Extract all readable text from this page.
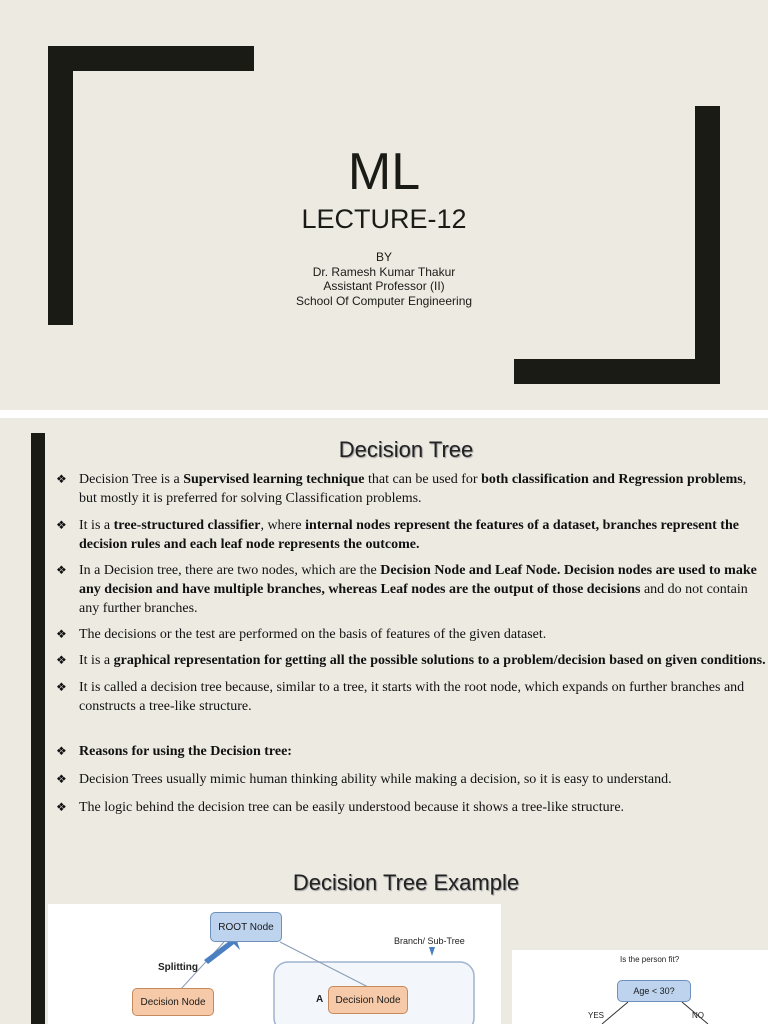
ML
LECTURE-12
BY
Dr. Ramesh Kumar Thakur
Assistant Professor (II)
School Of Computer Engineering
Decision Tree
❖ Decision Tree is a Supervised learning technique that can be used for both classification and Regression problems, but mostly it is preferred for solving Classification problems.
❖ It is a tree-structured classifier, where internal nodes represent the features of a dataset, branches represent the decision rules and each leaf node represents the outcome.
❖ In a Decision tree, there are two nodes, which are the Decision Node and Leaf Node. Decision nodes are used to make any decision and have multiple branches, whereas Leaf nodes are the output of those decisions and do not contain any further branches.
❖ The decisions or the test are performed on the basis of features of the given dataset.
❖ It is a graphical representation for getting all the possible solutions to a problem/decision based on given conditions.
❖ It is called a decision tree because, similar to a tree, it starts with the root node, which expands on further branches and constructs a tree-like structure.
❖ Reasons for using the Decision tree:
❖ Decision Trees usually mimic human thinking ability while making a decision, so it is easy to understand.
❖ The logic behind the decision tree can be easily understood because it shows a tree-like structure.
Decision Tree Example
ROOT Node
Splitting
Branch/ Sub-Tree
Decision Node	A	Decision Node
Is the person fit?
Age < 30?
YES	NO
